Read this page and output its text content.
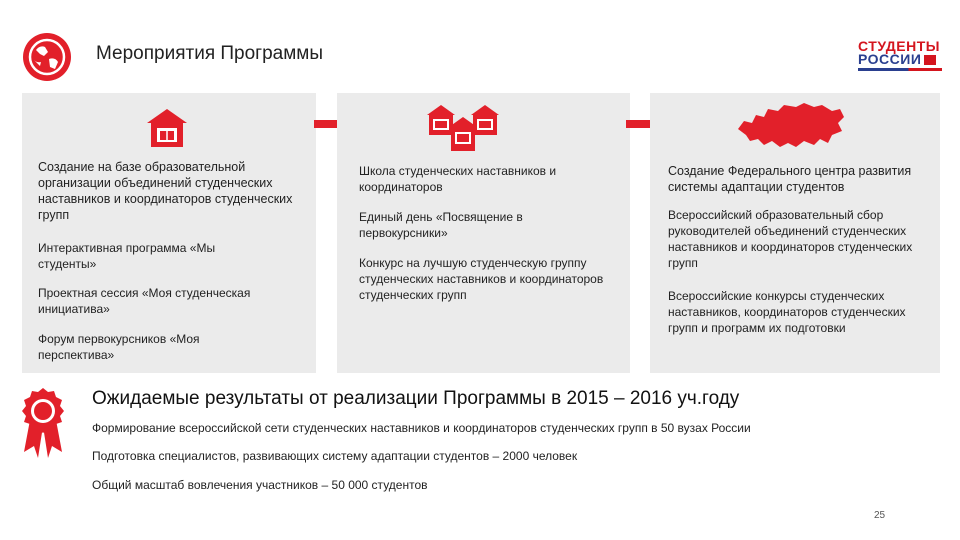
Мероприятия Программы	СТУДЕНТЫ
РОССИИ
Создание на базе образовательной организации объединений студенческих наставников и координаторов студенческих групп
Интерактивная программа «Мы студенты»
Проектная сессия «Моя студенческая инициатива»
Форум первокурсников «Моя перспектива»
Школа студенческих наставников и координаторов
Единый день «Посвящение в первокурсники»
Конкурс на лучшую студенческую группу студенческих наставников и координаторов студенческих групп
Создание Федерального центра развития системы адаптации студентов
Всероссийский образовательный сбор руководителей объединений студенческих наставников и координаторов студенческих групп
Всероссийские конкурсы студенческих наставников, координаторов студенческих групп и программ их подготовки
Ожидаемые результаты от реализации Программы в 2015 – 2016 уч.году
Формирование всероссийской сети студенческих наставников и координаторов студенческих групп в 50 вузах России
Подготовка специалистов, развивающих систему адаптации студентов – 2000 человек
Общий масштаб вовлечения участников – 50 000 студентов
25
